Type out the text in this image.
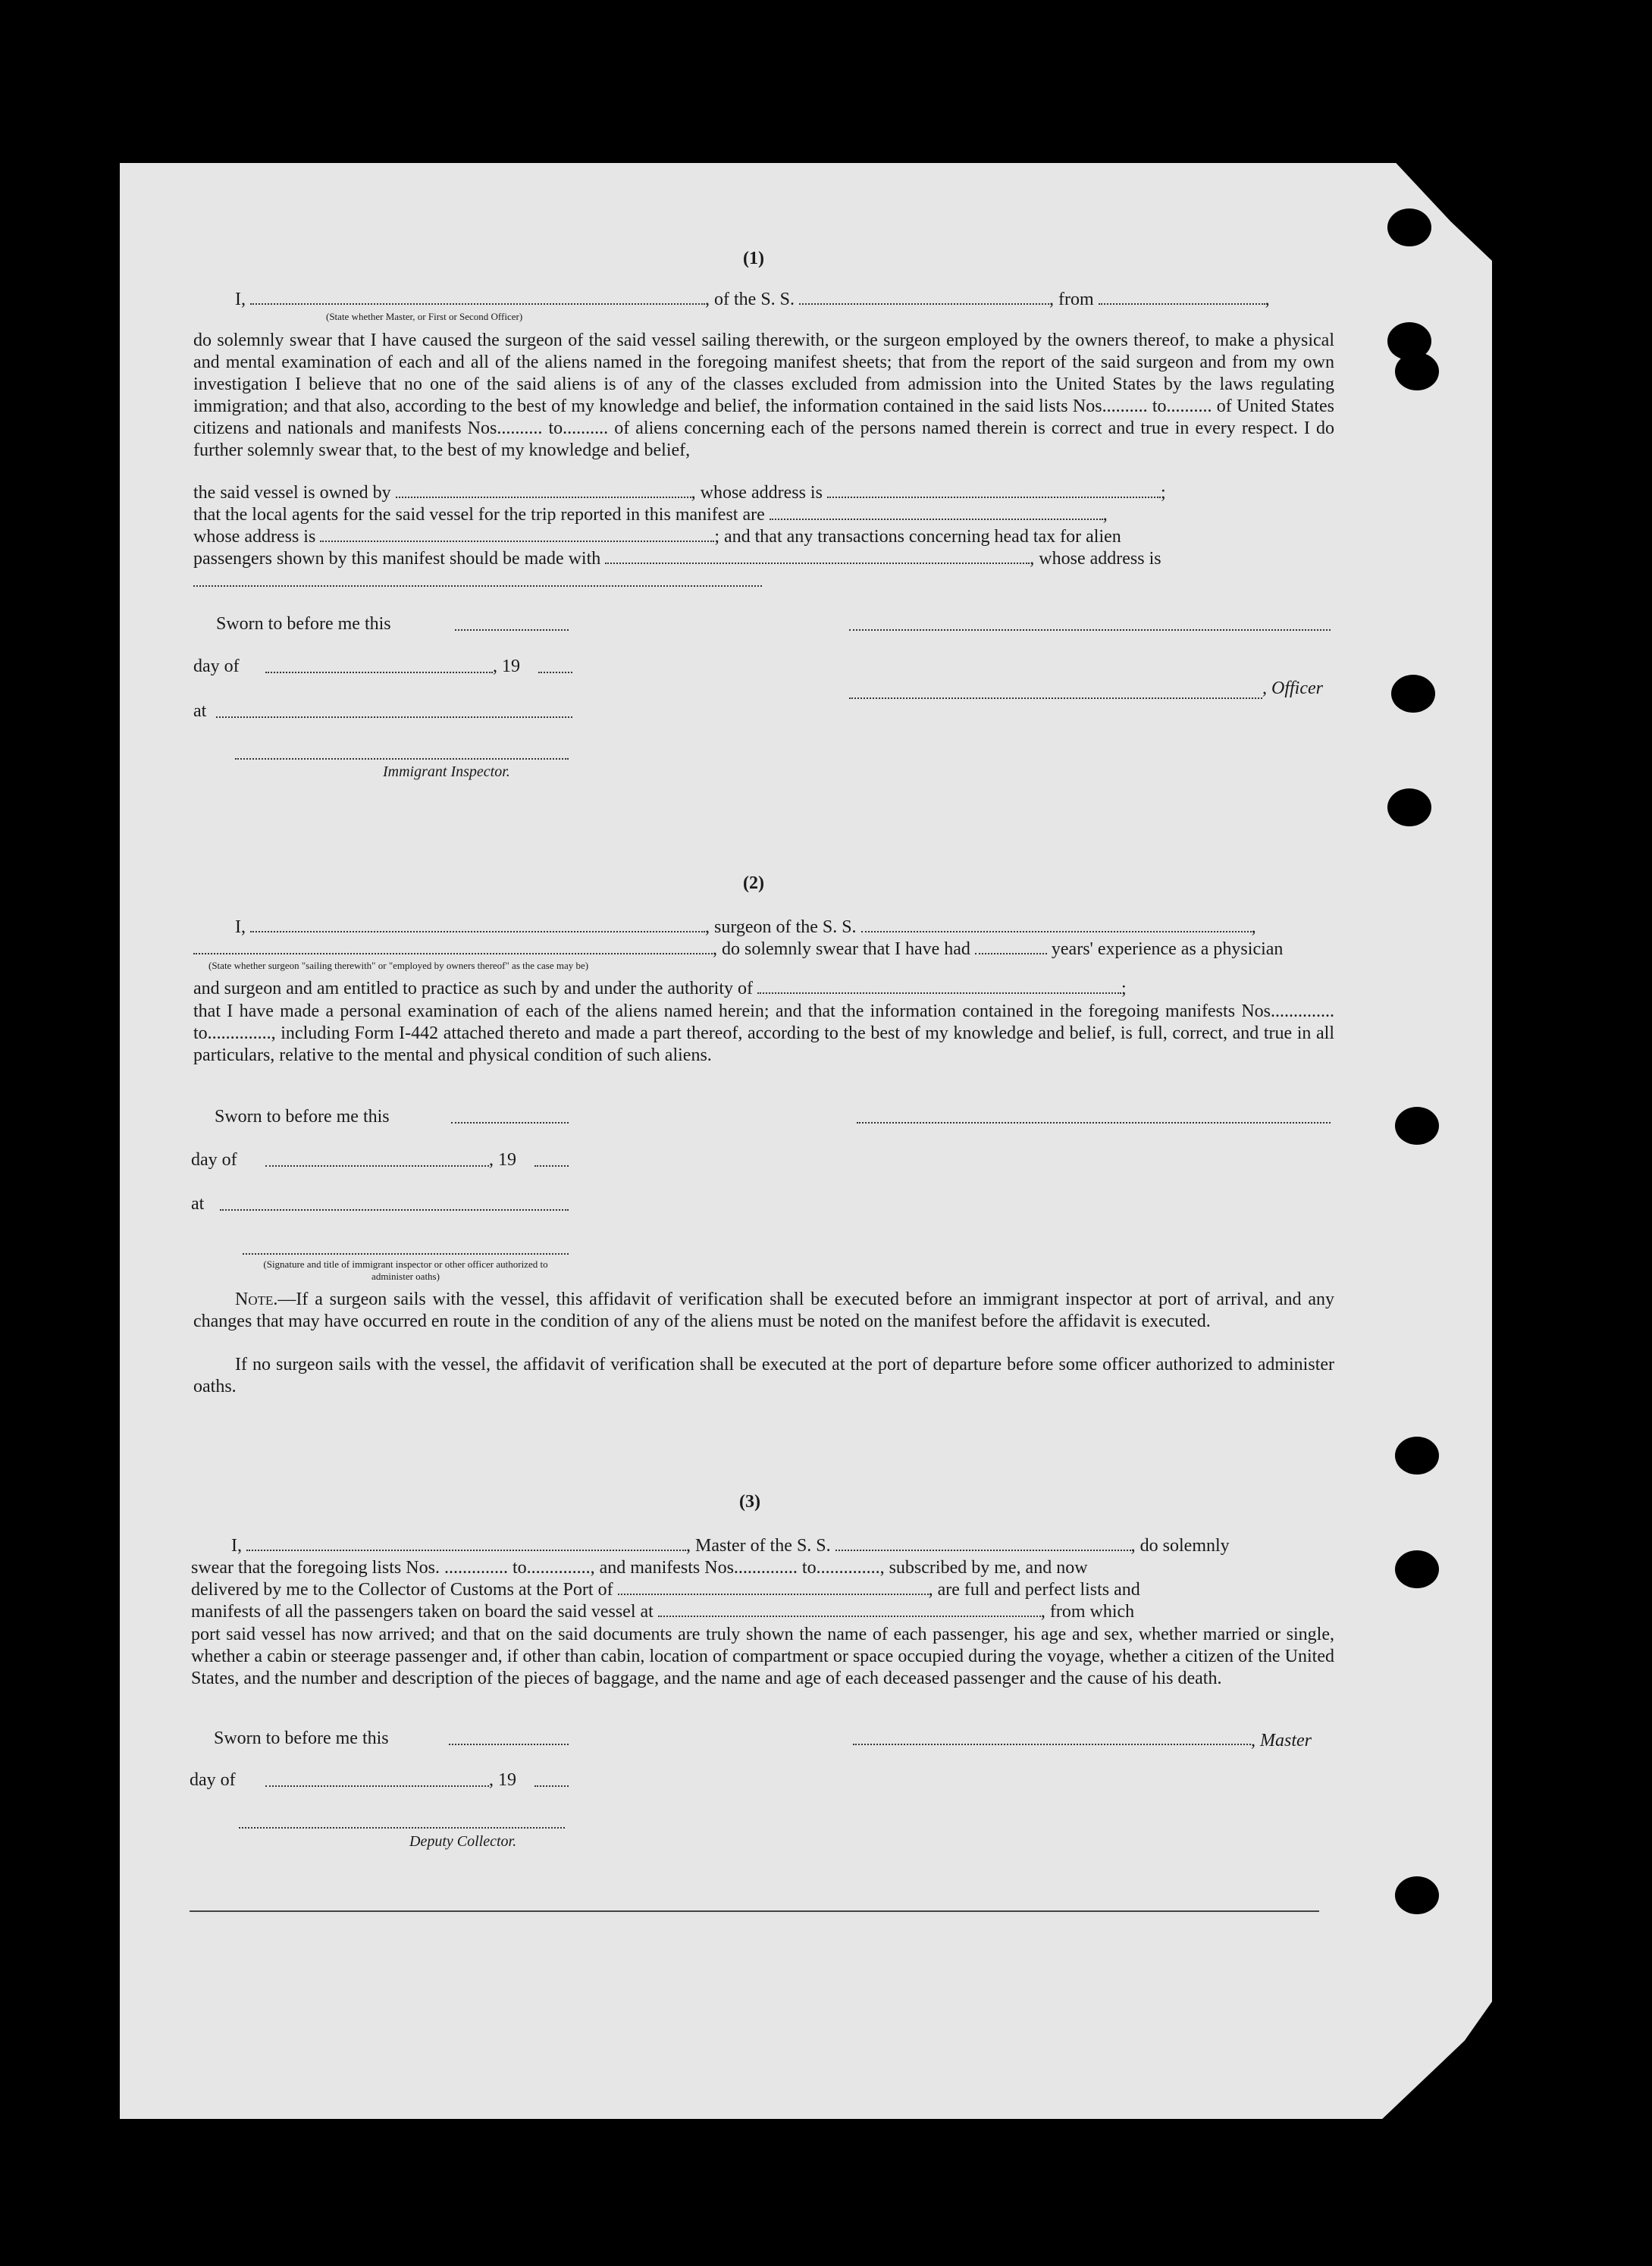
(1)
I,	, of the S. S.	, from	,
(State whether Master, or First or Second Officer)
do solemnly swear that I have caused the surgeon of the said vessel sailing therewith, or the surgeon employed by the owners thereof, to make a physical and mental examination of each and all of the aliens named in the foregoing manifest sheets; that from the report of the said surgeon and from my own investigation I believe that no one of the said aliens is of any of the classes excluded from admission into the United States by the laws regulating immigration; and that also, according to the best of my knowledge and belief, the information contained in the said lists Nos.......... to.......... of United States citizens and nationals and manifests Nos.......... to.......... of aliens concerning each of the persons named therein is correct and true in every respect. I do further solemnly swear that, to the best of my knowledge and belief,
the said vessel is owned by	, whose address is	;
that the local agents for the said vessel for the trip reported in this manifest are	,
whose address is	; and that any transactions concerning head tax for alien
passengers shown by this manifest should be made with	, whose address is
Sworn to before me this
day of	, 19
, Officer
at
Immigrant Inspector.
(2)
I,	, surgeon of the S. S.	,
, do solemnly swear that I have had	years' experience as a physician
(State whether surgeon "sailing therewith" or "employed by owners thereof" as the case may be)
and surgeon and am entitled to practice as such by and under the authority of	;
that I have made a personal examination of each of the aliens named herein; and that the information contained in the foregoing manifests Nos.............. to.............., including Form I-442 attached thereto and made a part thereof, according to the best of my knowledge and belief, is full, correct, and true in all particulars, relative to the mental and physical condition of such aliens.
Sworn to before me this
day of	, 19
at
(Signature and title of immigrant inspector or other officer authorized to administer oaths)
Note.—If a surgeon sails with the vessel, this affidavit of verification shall be executed before an immigrant inspector at port of arrival, and any changes that may have occurred en route in the condition of any of the aliens must be noted on the manifest before the affidavit is executed.
If no surgeon sails with the vessel, the affidavit of verification shall be executed at the port of departure before some officer authorized to administer oaths.
(3)
I,	, Master of the S. S.	, do solemnly
swear that the foregoing lists Nos. .............. to.............., and manifests Nos.............. to.............., subscribed by me, and now
delivered by me to the Collector of Customs at the Port of	, are full and perfect lists and
manifests of all the passengers taken on board the said vessel at	, from which
port said vessel has now arrived; and that on the said documents are truly shown the name of each passenger, his age and sex, whether married or single, whether a cabin or steerage passenger and, if other than cabin, location of compartment or space occupied during the voyage, whether a citizen of the United States, and the number and description of the pieces of baggage, and the name and age of each deceased passenger and the cause of his death.
Sworn to before me this	, Master
day of	, 19
Deputy Collector.
